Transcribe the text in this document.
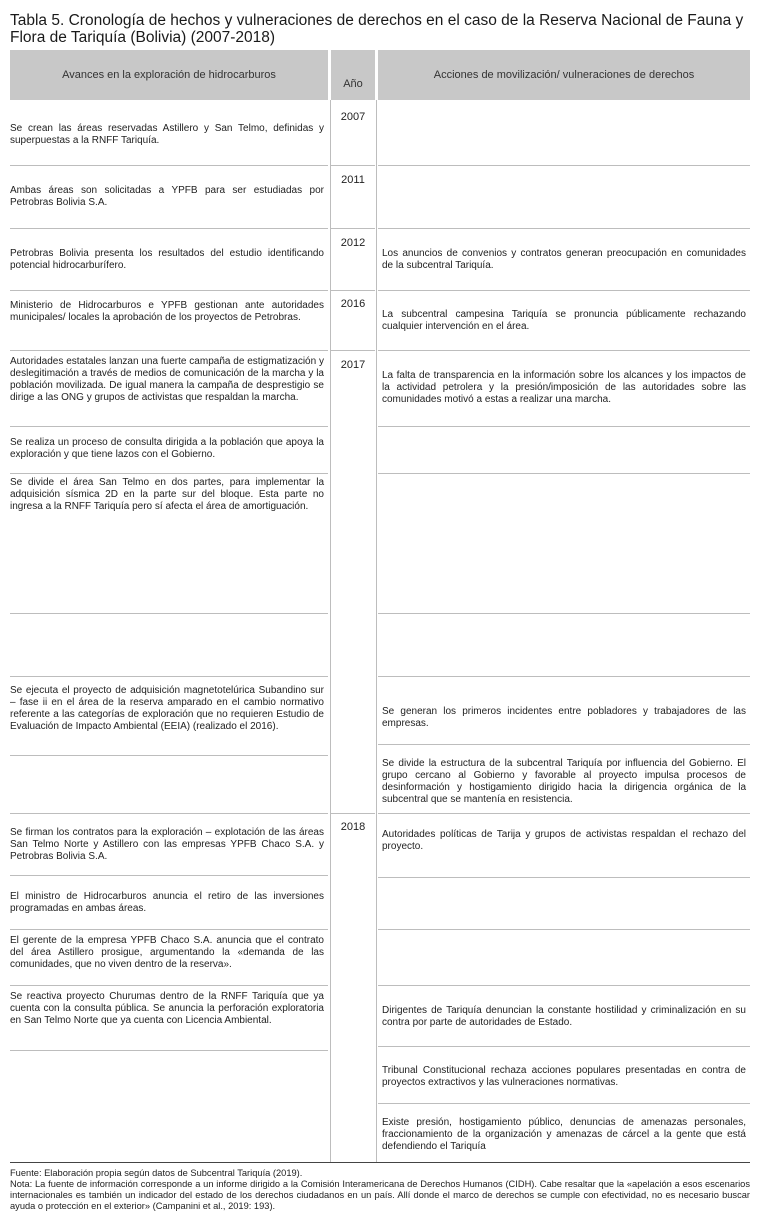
Tabla 5. Cronología de hechos y vulneraciones de derechos en el caso de la Reserva Nacional de Fauna y Flora de Tariquía (Bolivia) (2007-2018)
Avances en la exploración de hidrocarburos
Año
Acciones de movilización/ vulneraciones de derechos
2007
2011
2012
2016
2017
2018
Se crean las áreas reservadas Astillero y San Telmo, definidas y superpuestas a la RNFF Tariquía.
Ambas áreas son solicitadas a YPFB para ser estudiadas por Petrobras Bolivia S.A.
Petrobras Bolivia presenta los resultados del estudio identificando potencial hidrocarburífero.
Ministerio de Hidrocarburos e YPFB gestionan ante autoridades municipales/ locales la aprobación de los proyectos de Petrobras.
Autoridades estatales lanzan una fuerte campaña de estigmatización y deslegitimación a través de medios de comunicación de la marcha y la población movilizada. De igual manera la campaña de desprestigio se dirige a las ONG y grupos de activistas que respaldan la marcha.
Se realiza un proceso de consulta dirigida a la población que apoya la exploración y que tiene lazos con el Gobierno.
Se divide el área San Telmo en dos partes, para implementar la adquisición sísmica 2D en la parte sur del bloque. Esta parte no ingresa a la RNFF Tariquía pero sí afecta el área de amortiguación.
Se ejecuta el proyecto de adquisición magnetotelúrica Subandino sur – fase ii en el área de la reserva amparado en el cambio normativo referente a las categorías de exploración que no requieren Estudio de Evaluación de Impacto Ambiental (EEIA) (realizado el 2016).
Se firman los contratos para la exploración – explotación de las áreas San Telmo Norte y Astillero con las empresas YPFB Chaco S.A. y Petrobras Bolivia S.A.
El ministro de Hidrocarburos anuncia el retiro de las inversiones programadas en ambas áreas.
El gerente de la empresa YPFB Chaco S.A. anuncia que el contrato del área Astillero prosigue, argumentando la «demanda de las comunidades, que no viven dentro de la reserva».
Se reactiva proyecto Churumas dentro de la RNFF Tariquía que ya cuenta con la consulta pública. Se anuncia la perforación exploratoria en San Telmo Norte que ya cuenta con Licencia Ambiental.
Los anuncios de convenios y contratos generan preocupación en comunidades de la subcentral Tariquía.
La subcentral campesina Tariquía se pronuncia públicamente rechazando cualquier intervención en el área.
La falta de transparencia en la información sobre los alcances y los impactos de la actividad petrolera y la presión/imposición de las autoridades sobre las comunidades motivó a estas a realizar una marcha.
Se generan los primeros incidentes entre pobladores y trabajadores de las empresas.
Se divide la estructura de la subcentral Tariquía por influencia del Gobierno. El grupo cercano al Gobierno y favorable al proyecto impulsa procesos de desinformación y hostigamiento dirigido hacia la dirigencia orgánica de la subcentral que se mantenía en resistencia.
Autoridades políticas de Tarija y grupos de activistas respaldan el rechazo del proyecto.
Dirigentes de Tariquía denuncian la constante hostilidad y criminalización en su contra por parte de autoridades de Estado.
Tribunal Constitucional rechaza acciones populares presentadas en contra de proyectos extractivos y las vulneraciones normativas.
Existe presión, hostigamiento público, denuncias de amenazas personales, fraccionamiento de la organización y amenazas de cárcel a la gente que está defendiendo el Tariquía
Fuente: Elaboración propia según datos de Subcentral Tariquía (2019).
Nota: La fuente de información corresponde a un informe dirigido a la Comisión Interamericana de Derechos Humanos (CIDH). Cabe resaltar que la «apelación a esos escenarios internacionales es también un indicador del estado de los derechos ciudadanos en un país. Allí donde el marco de derechos se cumple con efectividad, no es necesario buscar ayuda o protección en el exterior» (Campanini et al., 2019: 193).
